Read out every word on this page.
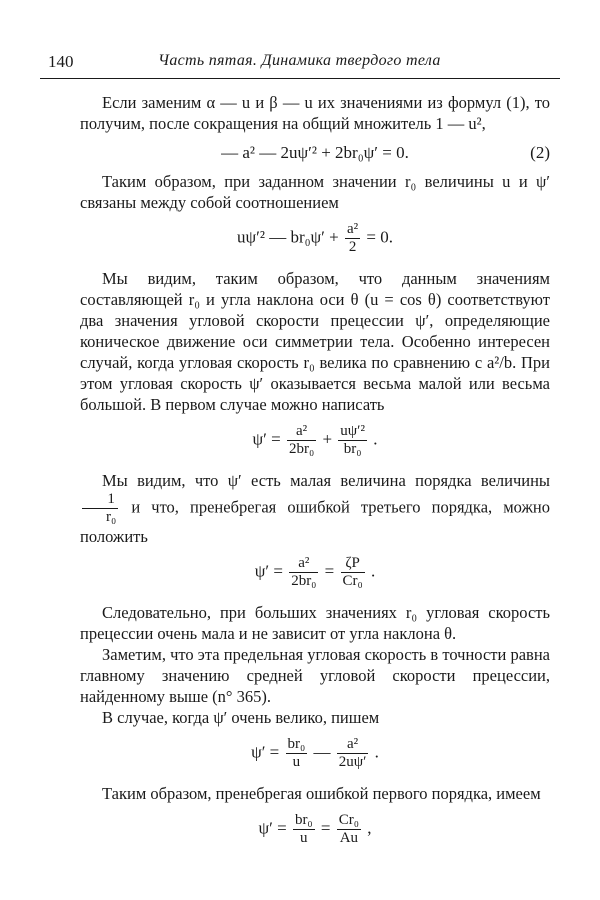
140	Часть пятая. Динамика твердого тела

Если заменим α — u и β — u их значениями из формул (1), то получим, после сокращения на общий множитель 1 — u²,

— a² — 2uψ′² + 2br₀ψ′ = 0.	(2)

Таким образом, при заданном значении r₀ величины u и ψ′ связаны между собой соотношением

uψ′² — $br_0\psi' + \frac{\text{a²}}{2} = 0$.

Мы видим, таким образом, что данным значениям составляющей r₀ и угла наклона оси θ (u = cos θ) соответствуют два значения угловой скорости прецессии ψ′, определяющие коническое движение оси симметрии тела. Особенно интересен случай, когда угловая скорость r₀ велика по сравнению с a²/b. При этом угловая скорость ψ′ оказывается весьма малой или весьма большой. В первом случае можно написать

$\psi' = \frac{\text{a²}}{\text{2br₀}} + \frac{\text{uψ′²}}{\text{br₀}}$ .

Мы видим, что ψ′ есть малая величина порядка величины
$\frac{1}{\text{r₀}}$ и что, пренебрегая ошибкой третьего порядка, можно положить

$\psi' = \frac{\text{a²}}{\text{2br₀}} = \frac{\zeta P}{\text{Cr₀}}$ .

Следовательно, при больших значениях r₀ угловая скорость прецессии очень мала и не зависит от угла наклона θ.

Заметим, что эта предельная угловая скорость в точности равна главному значению средней угловой скорости прецессии, найденному выше (n° 365).

В случае, когда ψ′ очень велико, пишем

$\psi' = \frac{\text{br₀}}{u}$ — $\frac{\text{a²}}{2u\psi'}$ .

Таким образом, пренебрегая ошибкой первого порядка, имеем

$\psi' = \frac{\text{br₀}}{u} = \frac{\text{Cr₀}}{Au}$ ,
